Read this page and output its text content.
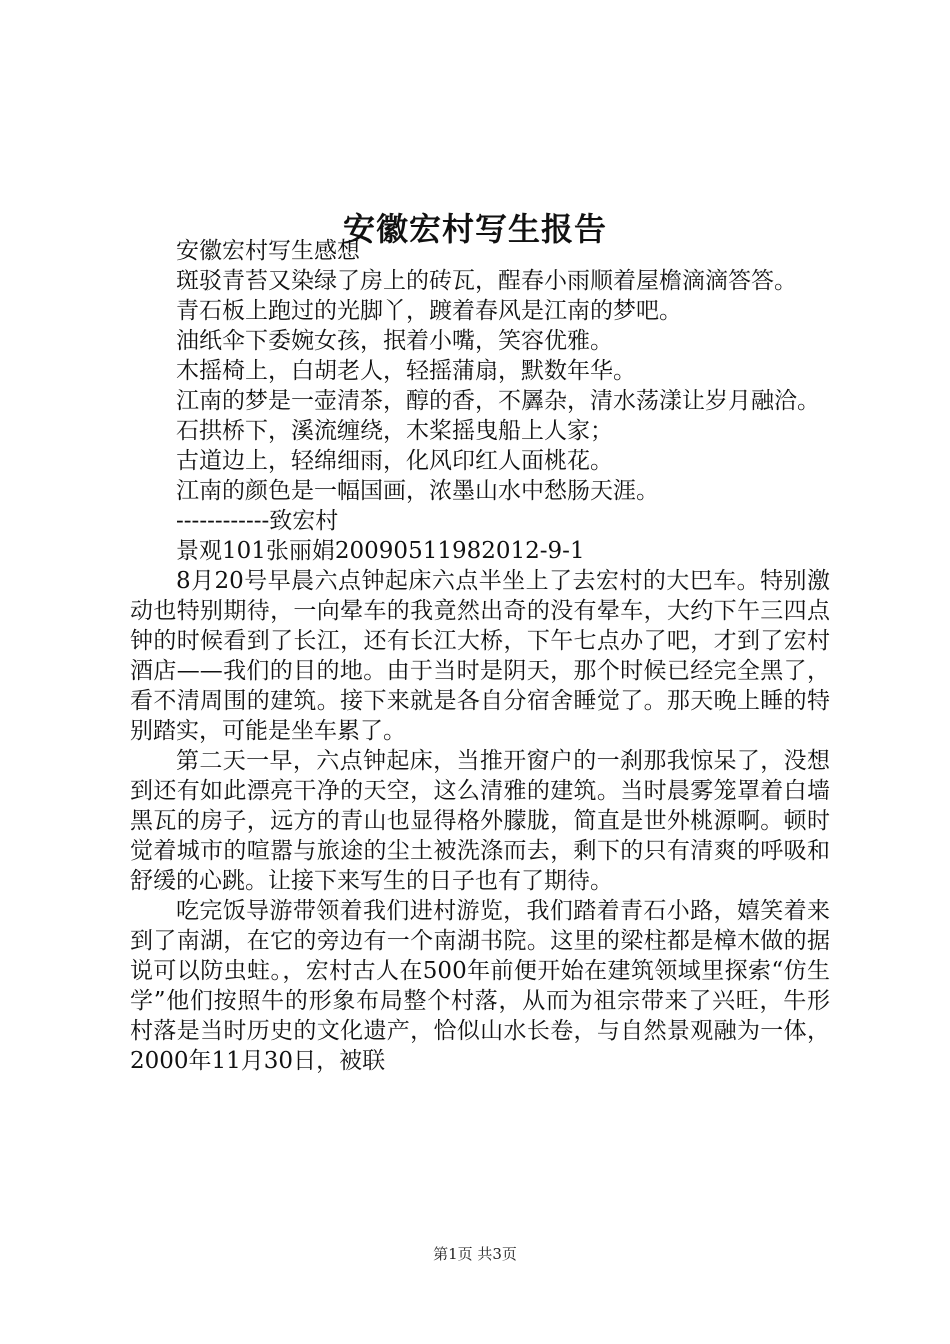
安徽宏村写生报告

安徽宏村写生感想

斑驳青苔又染绿了房上的砖瓦，酲春小雨顺着屋檐滴滴答答。

青石板上跑过的光脚丫，踱着春风是江南的梦吧。

油纸伞下委婉女孩，抿着小嘴，笑容优雅。

木摇椅上，白胡老人，轻摇蒲扇，默数年华。

江南的梦是一壶清茶，醇的香，不羼杂，清水荡漾让岁月融洽。

石拱桥下，溪流缠绕，木桨摇曳船上人家；

古道边上，轻绵细雨，化风印红人面桃花。

江南的颜色是一幅国画，浓墨山水中愁肠天涯。

------------致宏村

景观101张丽娟20090511982012-9-1

8月20号早晨六点钟起床六点半坐上了去宏村的大巴车。特别激动也特别期待，一向晕车的我竟然出奇的没有晕车，大约下午三四点钟的时候看到了长江，还有长江大桥，下午七点办了吧，才到了宏村酒店——我们的目的地。由于当时是阴天，那个时候已经完全黑了，看不清周围的建筑。接下来就是各自分宿舍睡觉了。那天晚上睡的特别踏实，可能是坐车累了。

第二天一早，六点钟起床，当推开窗户的一刹那我惊呆了，没想到还有如此漂亮干净的天空，这么清雅的建筑。当时晨雾笼罩着白墙黑瓦的房子，远方的青山也显得格外朦胧，简直是世外桃源啊。顿时觉着城市的喧嚣与旅途的尘土被洗涤而去，剩下的只有清爽的呼吸和舒缓的心跳。让接下来写生的日子也有了期待。

吃完饭导游带领着我们进村游览，我们踏着青石小路，嬉笑着来到了南湖，在它的旁边有一个南湖书院。这里的梁柱都是樟木做的据说可以防虫蛀。，宏村古人在500年前便开始在建筑领域里探索“仿生学”他们按照牛的形象布局整个村落，从而为祖宗带来了兴旺，牛形村落是当时历史的文化遗产，恰似山水长卷，与自然景观融为一体，2000年11月30日，被联

第1页 共3页
